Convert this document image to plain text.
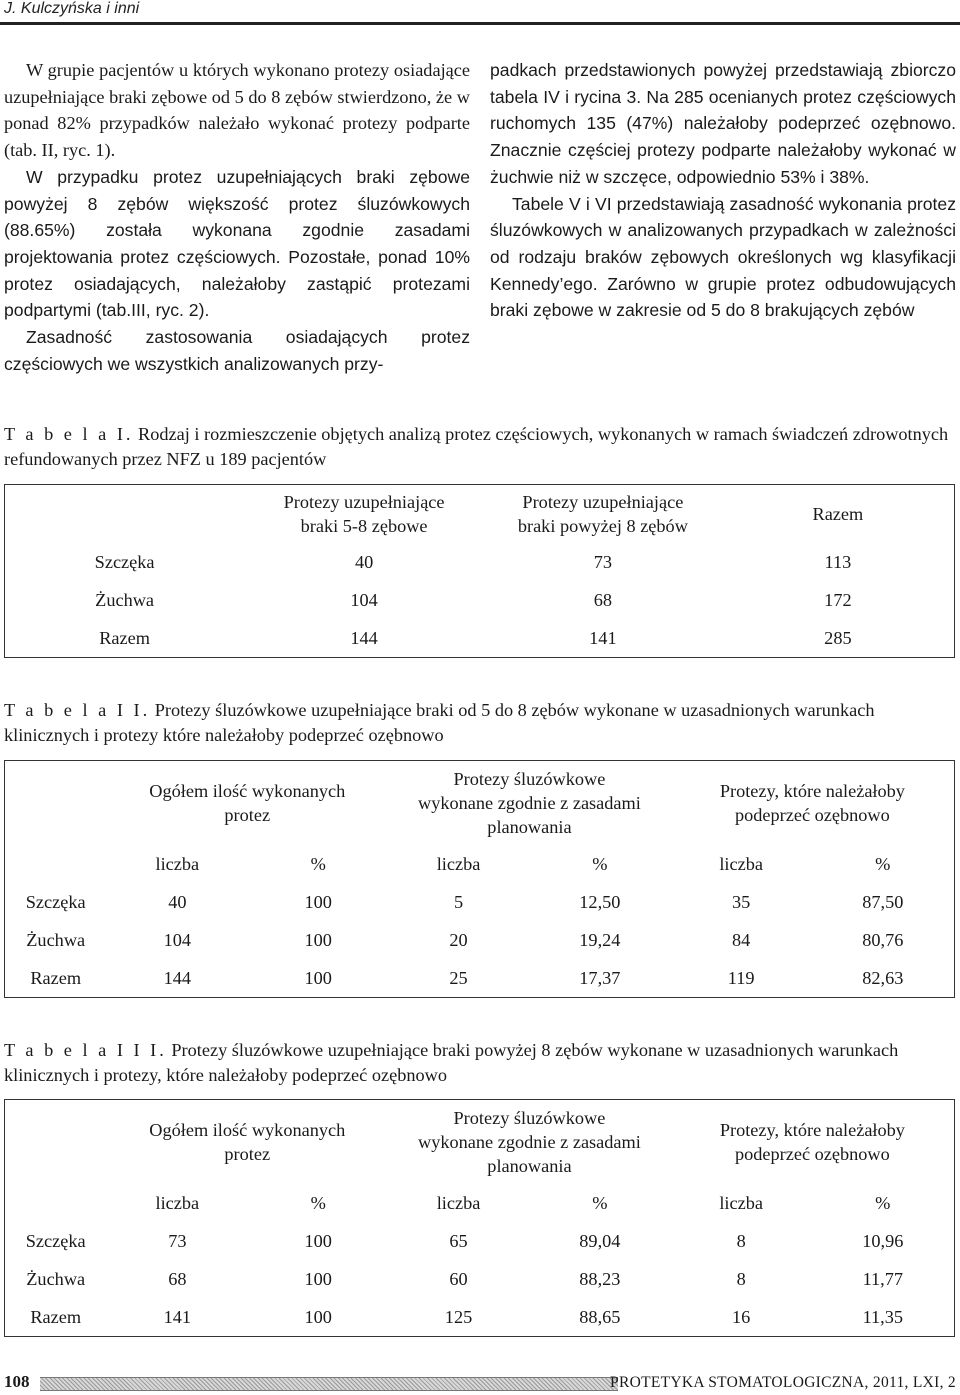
J. Kulczyńska i inni

W grupie pacjentów u których wykonano protezy osiadające uzupełniające braki zębowe od 5 do 8 zębów stwierdzono, że w ponad 82% przypadków należało wykonać protezy podparte (tab. II, ryc. 1).

W przypadku protez uzupełniających braki zębowe powyżej 8 zębów większość protez śluzówkowych (88.65%) została wykonana zgodnie zasadami projektowania protez częściowych. Pozostałe, ponad 10% protez osiadających, należałoby zastąpić protezami podpartymi (tab.III, ryc. 2).

Zasadność zastosowania osiadających protez częściowych we wszystkich analizowanych przy-

padkach przedstawionych powyżej przedstawiają zbiorczo tabela IV i rycina 3. Na 285 ocenianych protez częściowych ruchomych 135 (47%) należałoby podeprzeć ozębnowo. Znacznie częściej protezy podparte należałoby wykonać w żuchwie niż w szczęce, odpowiednio 53% i 38%.

Tabele V i VI przedstawiają zasadność wykonania protez śluzówkowych w analizowanych przypadkach w zależności od rodzaju braków zębowych określonych wg klasyfikacji Kennedy’ego. Zarówno w grupie protez odbudowujących braki zębowe w zakresie od 5 do 8 brakujących zębów

T a b e l a I. Rodzaj i rozmieszczenie objętych analizą protez częściowych, wykonanych w ramach świadczeń zdrowotnych refundowanych przez NFZ u 189 pacjentów
	Protezy uzupełniające
braki 5-8 zębowe	Protezy uzupełniające
braki powyżej 8 zębów	Razem
Szczęka	40	73	113
Żuchwa	104	68	172
Razem	144	141	285
T a b e l a I I. Protezy śluzówkowe uzupełniające braki od 5 do 8 zębów wykonane w uzasadnionych warunkach klinicznych i protezy które należałoby podeprzeć ozębnowo
	Ogółem ilość wykonanych
protez		Protezy śluzówkowe
wykonane zgodnie z zasadami
planowania		Protezy, które należałoby
podeprzeć ozębnowo	
	liczba	%	liczba	%	liczba	%
Szczęka	40	100	5	12,50	35	87,50
Żuchwa	104	100	20	19,24	84	80,76
Razem	144	100	25	17,37	119	82,63
T a b e l a I I I. Protezy śluzówkowe uzupełniające braki powyżej 8 zębów wykonane w uzasadnionych warunkach klinicznych i protezy, które należałoby podeprzeć ozębnowo
	Ogółem ilość wykonanych
protez		Protezy śluzówkowe
wykonane zgodnie z zasadami
planowania		Protezy, które należałoby
podeprzeć ozębnowo	
	liczba	%	liczba	%	liczba	%
Szczęka	73	100	65	89,04	8	10,96
Żuchwa	68	100	60	88,23	8	11,77
Razem	141	100	125	88,65	16	11,35
108	PROTETYKA STOMATOLOGICZNA, 2011, LXI, 2
